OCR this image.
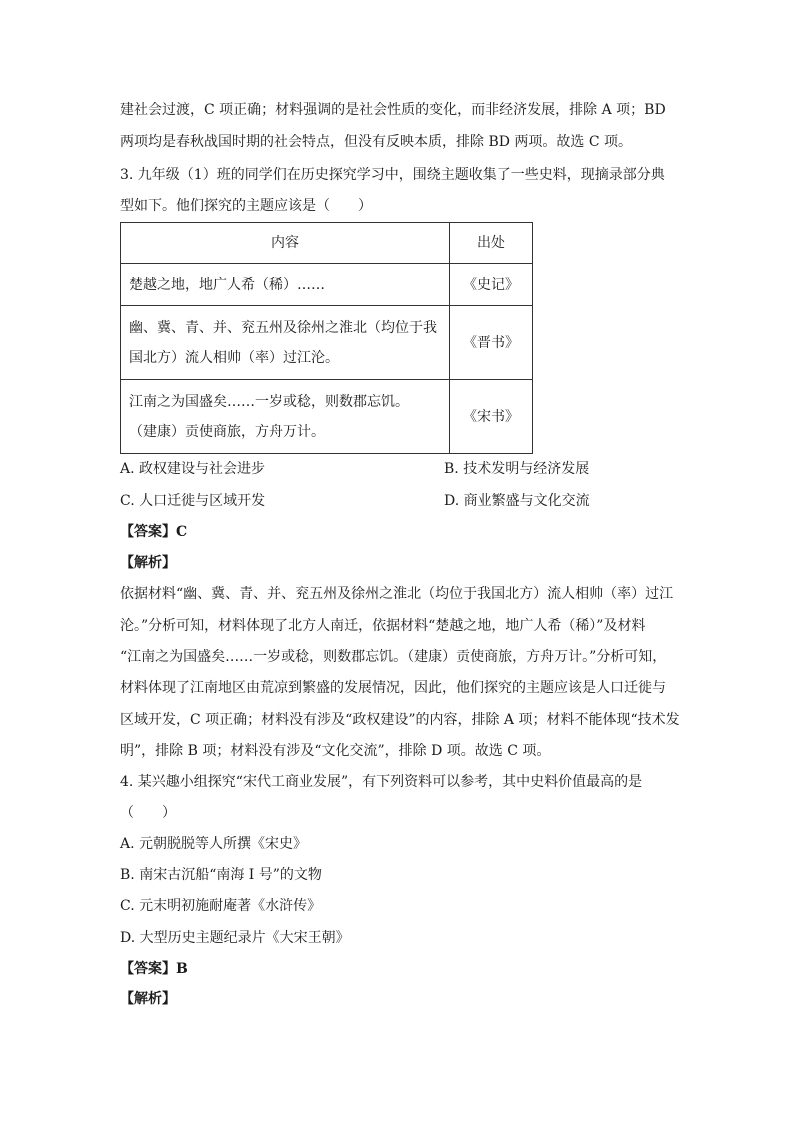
建社会过渡，C 项正确；材料强调的是社会性质的变化，而非经济发展，排除 A 项；BD
两项均是春秋战国时期的社会特点，但没有反映本质，排除 BD 两项。故选 C 项。
3. 九年级（1）班的同学们在历史探究学习中，围绕主题收集了一些史料，现摘录部分典
型如下。他们探究的主题应该是（　　）
内容	出处
楚越之地，地广人希（稀）……	《史记》

幽、冀、青、并、兖五州及徐州之淮北（均位于我
国北方）流人相帅（率）过江沦。	《晋书》

江南之为国盛矣……一岁或稔，则数郡忘饥。
（建康）贡使商旅，方舟万计。	《宋书》
A. 政权建设与社会进步	B. 技术发明与经济发展
C. 人口迁徙与区域开发	D. 商业繁盛与文化交流
【答案】C
【解析】
依据材料“幽、冀、青、并、兖五州及徐州之淮北（均位于我国北方）流人相帅（率）过江
沦。”分析可知，材料体现了北方人南迁，依据材料“楚越之地，地广人希（稀）”及材料
“江南之为国盛矣……一岁或稔，则数郡忘饥。（建康）贡使商旅，方舟万计。”分析可知，
材料体现了江南地区由荒凉到繁盛的发展情况，因此，他们探究的主题应该是人口迁徙与
区域开发，C 项正确；材料没有涉及“政权建设”的内容，排除 A 项；材料不能体现“技术发
明”，排除 B 项；材料没有涉及“文化交流”，排除 D 项。故选 C 项。
4. 某兴趣小组探究“宋代工商业发展”，有下列资料可以参考，其中史料价值最高的是
（　　）
A. 元朝脱脱等人所撰《宋史》
B. 南宋古沉船“南海 I 号”的文物
C. 元末明初施耐庵著《水浒传》
D. 大型历史主题纪录片《大宋王朝》
【答案】B
【解析】
